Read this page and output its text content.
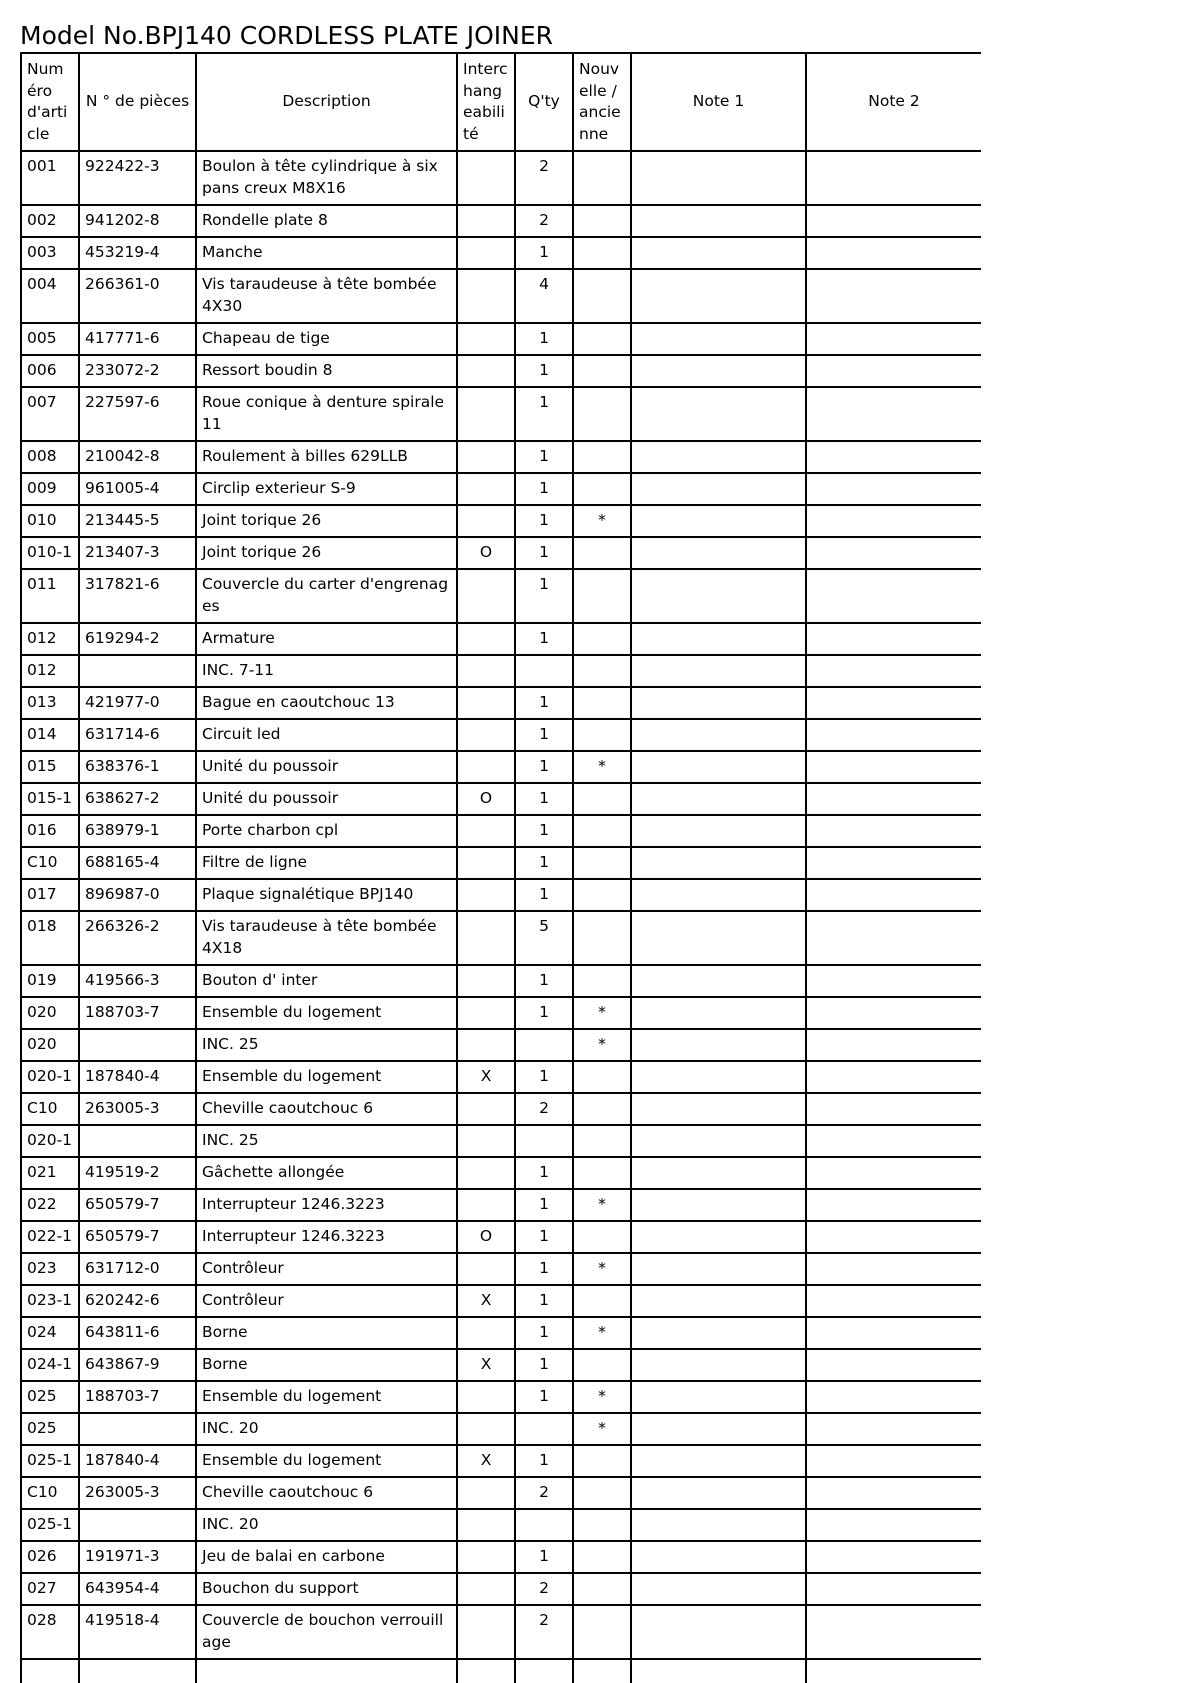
Model No.BPJ140 CORDLESS PLATE JOINER
Numéro d'article	N ° de pièces	Description	Interchangeabilité	Q'ty	Nouvelle / ancienne	Note 1	Note 2
001	922422-3	Boulon à tête cylindrique à six pans creux M8X16		2			
002	941202-8	Rondelle plate 8		2			
003	453219-4	Manche		1			
004	266361-0	Vis taraudeuse à tête bombée 4X30		4			
005	417771-6	Chapeau de tige		1			
006	233072-2	Ressort boudin 8		1			
007	227597-6	Roue conique à denture spirale 11		1			
008	210042-8	Roulement à billes 629LLB		1			
009	961005-4	Circlip exterieur S-9		1			
010	213445-5	Joint torique 26		1	*		
010-1	213407-3	Joint torique 26	O	1			
011	317821-6	Couvercle du carter d'engrenages		1			
012	619294-2	Armature		1			
012		INC. 7-11					
013	421977-0	Bague en caoutchouc 13		1			
014	631714-6	Circuit led		1			
015	638376-1	Unité du poussoir		1	*		
015-1	638627-2	Unité du poussoir	O	1			
016	638979-1	Porte charbon cpl		1			
C10	688165-4	Filtre de ligne		1			
017	896987-0	Plaque signalétique BPJ140		1			
018	266326-2	Vis taraudeuse à tête bombée 4X18		5			
019	419566-3	Bouton d' inter		1			
020	188703-7	Ensemble du logement		1	*		
020		INC. 25			*		
020-1	187840-4	Ensemble du logement	X	1			
C10	263005-3	Cheville caoutchouc 6		2			
020-1		INC. 25					
021	419519-2	Gâchette allongée		1			
022	650579-7	Interrupteur 1246.3223		1	*		
022-1	650579-7	Interrupteur 1246.3223	O	1			
023	631712-0	Contrôleur		1	*		
023-1	620242-6	Contrôleur	X	1			
024	643811-6	Borne		1	*		
024-1	643867-9	Borne	X	1			
025	188703-7	Ensemble du logement		1	*		
025		INC. 20			*		
025-1	187840-4	Ensemble du logement	X	1			
C10	263005-3	Cheville caoutchouc 6		2			
025-1		INC. 20					
026	191971-3	Jeu de balai en carbone		1			
027	643954-4	Bouchon du support		2			
028	419518-4	Couvercle de bouchon verrouillage		2			
